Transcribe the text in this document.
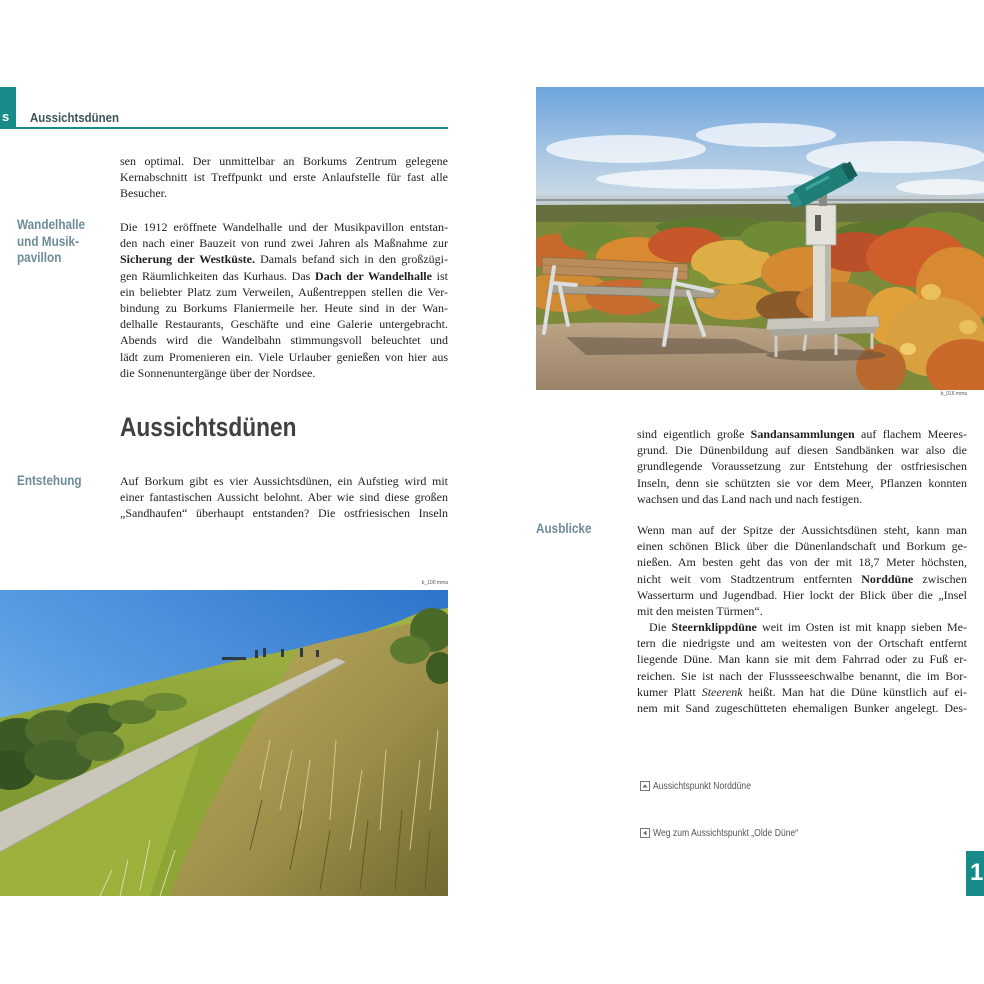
s Aussichtsdünen
sen optimal. Der unmittelbar an Borkums Zentrum gelegene
Kernabschnitt ist Treffpunkt und erste Anlaufstelle für fast alle
Besucher.
Wandelhalle
und Musik-
pavillon
Die 1912 eröffnete Wandelhalle und der Musikpavillon entstan-
den nach einer Bauzeit von rund zwei Jahren als Maßnahme zur
Sicherung der Westküste. Damals befand sich in den großzügi-
gen Räumlichkeiten das Kurhaus. Das Dach der Wandelhalle ist
ein beliebter Platz zum Verweilen, Außentreppen stellen die Ver-
bindung zu Borkums Flaniermeile her. Heute sind in der Wan-
delhalle Restaurants, Geschäfte und eine Galerie untergebracht.
Abends wird die Wandelbahn stimmungsvoll beleuchtet und
lädt zum Promenieren ein. Viele Urlauber genießen von hier aus
die Sonnenuntergänge über der Nordsee.
Aussichtsdünen
Entstehung	Auf Borkum gibt es vier Aussichtsdünen, ein Aufstieg wird mit
einer fantastischen Aussicht belohnt. Aber wie sind diese großen
„Sandhaufen“ überhaupt entstanden? Die ostfriesischen Inseln
b_100 mma
b_016 mma
sind eigentlich große Sandansammlungen auf flachem Meeres-
grund. Die Dünenbildung auf diesen Sandbänken war also die
grundlegende Voraussetzung zur Entstehung der ostfriesischen
Inseln, denn sie schützten sie vor dem Meer, Pflanzen konnten
wachsen und das Land nach und nach festigen.
Ausblicke	Wenn man auf der Spitze der Aussichtsdünen steht, kann man
einen schönen Blick über die Dünenlandschaft und Borkum ge-
nießen. Am besten geht das von der mit 18,7 Meter höchsten,
nicht weit vom Stadtzentrum entfernten Norddüne zwischen
Wasserturm und Jugendbad. Hier lockt der Blick über die „Insel
mit den meisten Türmen“.
Die Steernklippdüne weit im Osten ist mit knapp sieben Me-
tern die niedrigste und am weitesten von der Ortschaft entfernt
liegende Düne. Man kann sie mit dem Fahrrad oder zu Fuß er-
reichen. Sie ist nach der Flussseeschwalbe benannt, die im Bor-
kumer Platt Steerenk heißt. Man hat die Düne künstlich auf ei-
nem mit Sand zugeschütteten ehemaligen Bunker angelegt. Des-
Aussichtspunkt Norddüne
Weg zum Aussichtspunkt „Olde Düne“
1
